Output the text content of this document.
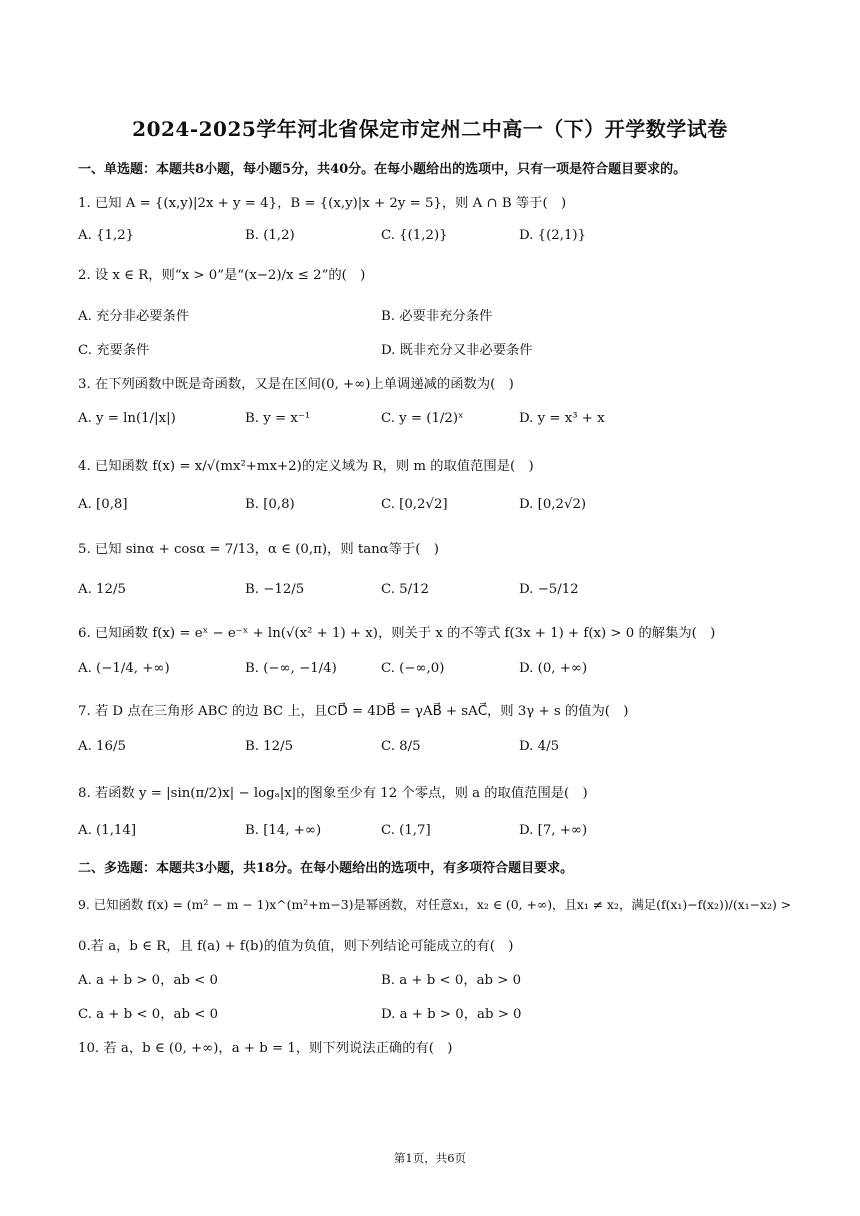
2024-2025学年河北省保定市定州二中高一（下）开学数学试卷
一、单选题：本题共8小题，每小题5分，共40分。在每小题给出的选项中，只有一项是符合题目要求的。
1. 已知 A = {(x,y)|2x + y = 4}，B = {(x,y)|x + 2y = 5}，则 A ∩ B 等于(　)
A. {1,2}	B. (1,2)	C. {(1,2)}	D. {(2,1)}
2. 设 x ∈ R，则“x > 0”是“(x−2)/x ≤ 2”的(　)
A. 充分非必要条件	B. 必要非充分条件
C. 充要条件	D. 既非充分又非必要条件
3. 在下列函数中既是奇函数，又是在区间(0, +∞)上单调递减的函数为(　)
A. y = ln(1/|x|)	B. y = x⁻¹	C. y = (1/2)ˣ	D. y = x³ + x
4. 已知函数 f(x) = x/√(mx²+mx+2)的定义域为 R，则 m 的取值范围是(　)
A. [0,8]	B. [0,8)	C. [0,2√2]	D. [0,2√2)
5. 已知 sinα + cosα = 7/13，α ∈ (0,π)，则 tanα等于(　)
A. 12/5	B. −12/5	C. 5/12	D. −5/12
6. 已知函数 f(x) = eˣ − e⁻ˣ + ln(√(x² + 1) + x)，则关于 x 的不等式 f(3x + 1) + f(x) > 0 的解集为(　)
A. (−1/4, +∞)	B. (−∞, −1/4)	C. (−∞,0)	D. (0, +∞)
7. 若 D 点在三角形 ABC 的边 BC 上，且CD⃗ = 4DB⃗ = γAB⃗ + sAC⃗，则 3γ + s 的值为(　)
A. 16/5	B. 12/5	C. 8/5	D. 4/5
8. 若函数 y = |sin(π/2)x| − logₐ|x|的图象至少有 12 个零点，则 a 的取值范围是(　)
A. (1,14]	B. [14, +∞)	C. (1,7]	D. [7, +∞)
二、多选题：本题共3小题，共18分。在每小题给出的选项中，有多项符合题目要求。
9. 已知函数 f(x) = (m² − m − 1)x^(m²+m−3)是幂函数，对任意x₁，x₂ ∈ (0, +∞)，且x₁ ≠ x₂，满足(f(x₁)−f(x₂))/(x₁−x₂) >
0.若 a，b ∈ R，且 f(a) + f(b)的值为负值，则下列结论可能成立的有(　)
A. a + b > 0，ab < 0	B. a + b < 0，ab > 0
C. a + b < 0，ab < 0	D. a + b > 0，ab > 0
10. 若 a，b ∈ (0, +∞)，a + b = 1，则下列说法正确的有(　)
第1页，共6页
